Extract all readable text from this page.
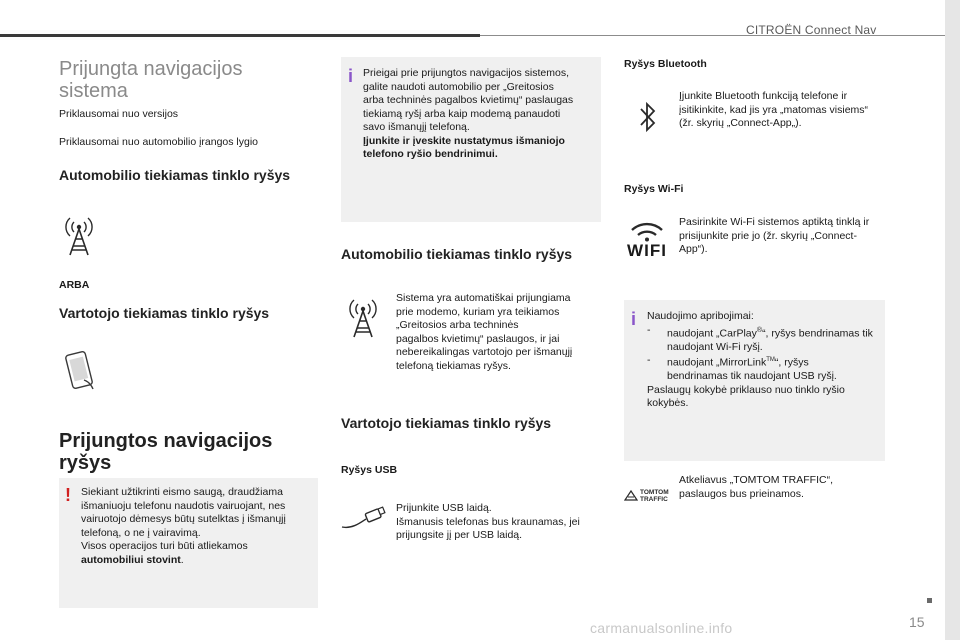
CITROËN Connect Nav
Prijungta navigacijos
sistema
Priklausomai nuo versijos
Priklausomai nuo automobilio įrangos lygio
Automobilio tiekiamas tinklo ryšys
ARBA
Vartotojo tiekiamas tinklo ryšys
Prijungtos navigacijos
ryšys
! Siekiant užtikrinti eismo saugą, draudžiama
išmaniuoju telefonu naudotis vairuojant, nes
vairuotojo dėmesys būtų sutelktas į išmanųjį
telefoną, o ne į vairavimą.
Visos operacijos turi būti atliekamos
automobiliui stovint.
i Prieigai prie prijungtos navigacijos sistemos,
galite naudoti automobilio per „Greitosios
arba techninės pagalbos kvietimų“ paslaugas
tiekiamą ryšį arba kaip modemą panaudoti
savo išmanųjį telefoną.
Įjunkite ir įveskite nustatymus išmaniojo
telefono ryšio bendrinimui.
Automobilio tiekiamas tinklo ryšys
Sistema yra automatiškai prijungiama
prie modemo, kuriam yra teikiamos
„Greitosios arba techninės
pagalbos kvietimų“ paslaugos, ir jai
nebereikalingas vartotojo per išmanųjį
telefoną tiekiamas ryšys.
Vartotojo tiekiamas tinklo ryšys
Ryšys USB
Prijunkite USB laidą.
Išmanusis telefonas bus kraunamas, jei
prijungsite jį per USB laidą.
Ryšys Bluetooth
Įjunkite Bluetooth funkciją telefone ir
įsitikinkite, kad jis yra „matomas visiems“
(žr. skyrių „Connect-App„).
Ryšys Wi-Fi
WIFI
Pasirinkite Wi-Fi sistemos aptiktą tinklą ir
prisijunkite prie jo (žr. skyrių „Connect-
App“).
i Naudojimo apribojimai:
- naudojant „CarPlay®“, ryšys bendrinamas tik
naudojant Wi-Fi ryšį.
- naudojant „MirrorLink™“, ryšys
bendrinamas tik naudojant USB ryšį.
Paslaugų kokybė priklauso nuo tinklo ryšio
kokybės.
TOMTOM
TRAFFIC
Atkeliavus „TOMTOM TRAFFIC“,
paslaugos bus prieinamos.
15
carmanualsonline.info
